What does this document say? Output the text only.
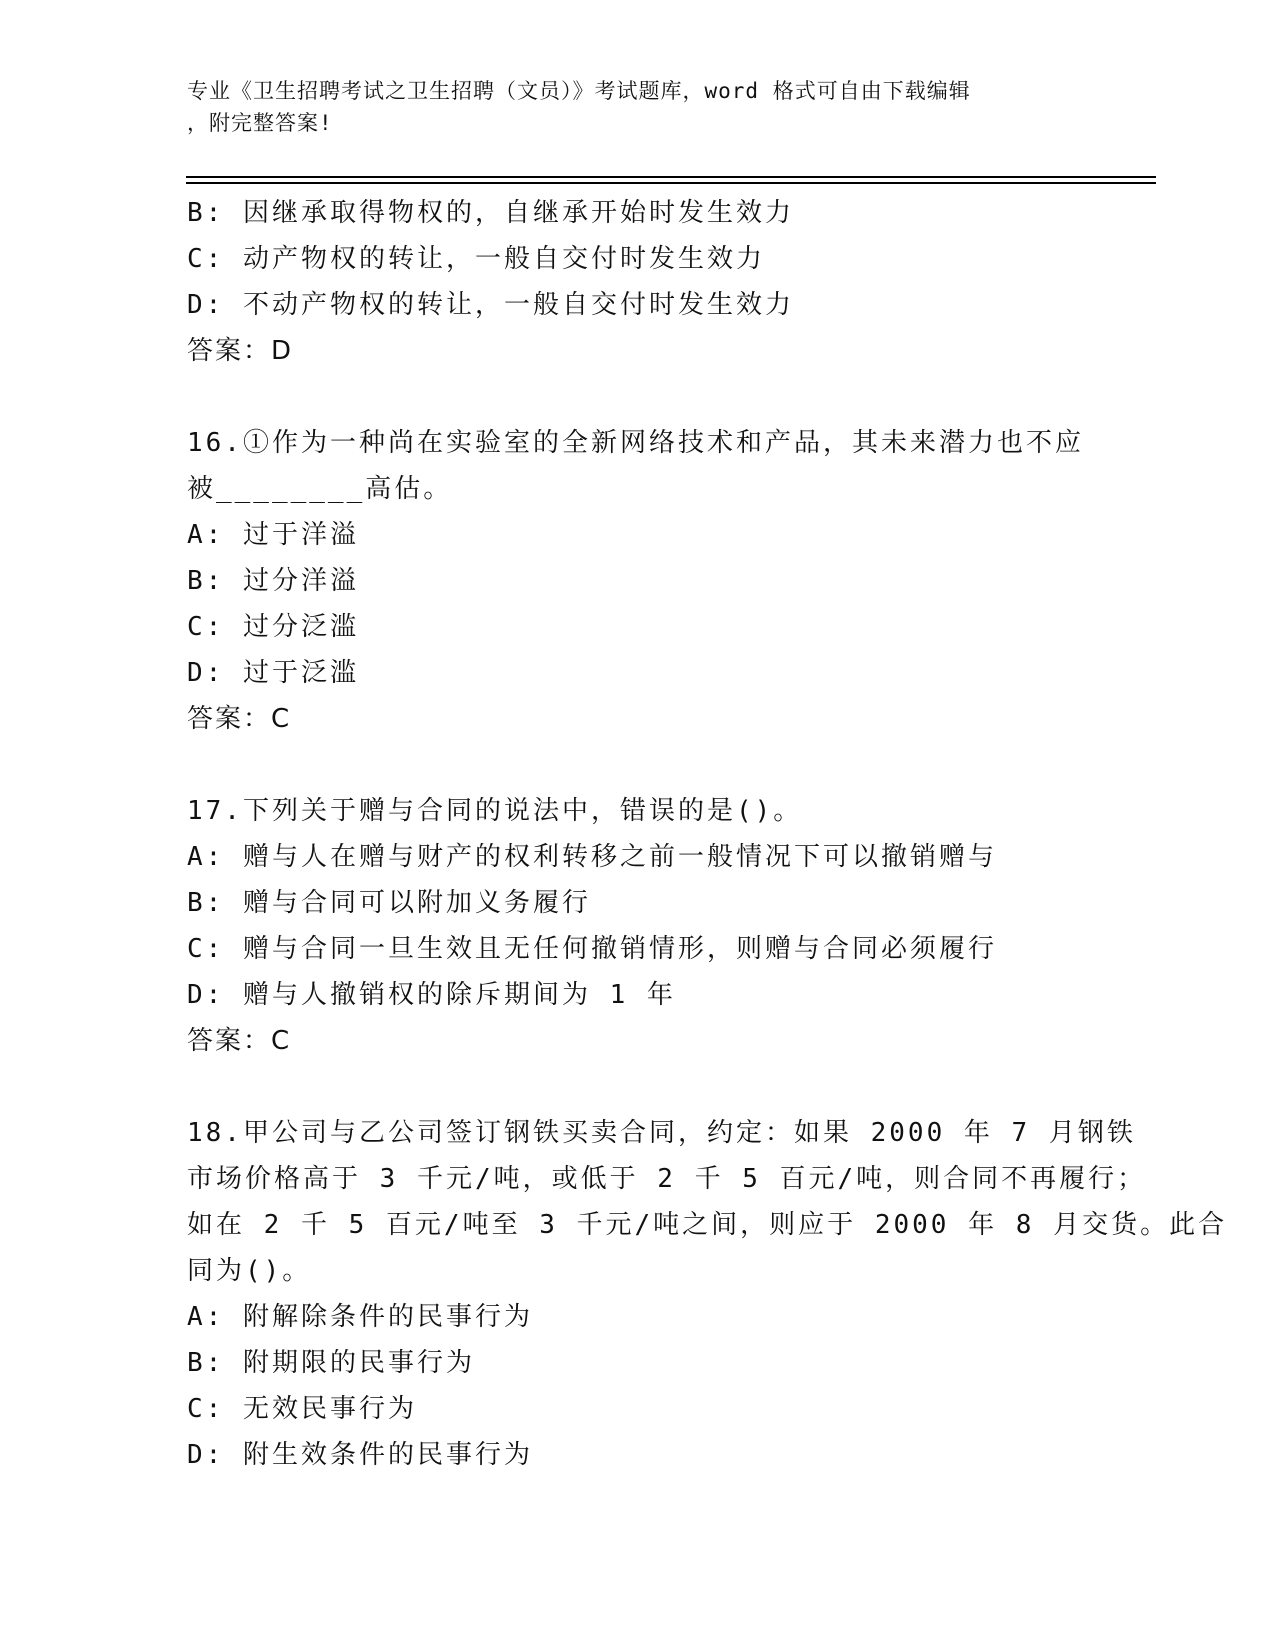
专业《卫生招聘考试之卫生招聘（文员）》考试题库，word 格式可自由下载编辑
，附完整答案!
B: 因继承取得物权的，自继承开始时发生效力
C: 动产物权的转让，一般自交付时发生效力
D: 不动产物权的转让，一般自交付时发生效力
答案：D
16.①作为一种尚在实验室的全新网络技术和产品，其未来潜力也不应
被________高估。
A: 过于洋溢
B: 过分洋溢
C: 过分泛滥
D: 过于泛滥
答案：C
17.下列关于赠与合同的说法中，错误的是()。
A: 赠与人在赠与财产的权利转移之前一般情况下可以撤销赠与
B: 赠与合同可以附加义务履行
C: 赠与合同一旦生效且无任何撤销情形，则赠与合同必须履行
D: 赠与人撤销权的除斥期间为 1 年
答案：C
18.甲公司与乙公司签订钢铁买卖合同，约定：如果 2000 年 7 月钢铁
市场价格高于 3 千元/吨，或低于 2 千 5 百元/吨，则合同不再履行；
如在 2 千 5 百元/吨至 3 千元/吨之间，则应于 2000 年 8 月交货。此合
同为()。
A: 附解除条件的民事行为
B: 附期限的民事行为
C: 无效民事行为
D: 附生效条件的民事行为
